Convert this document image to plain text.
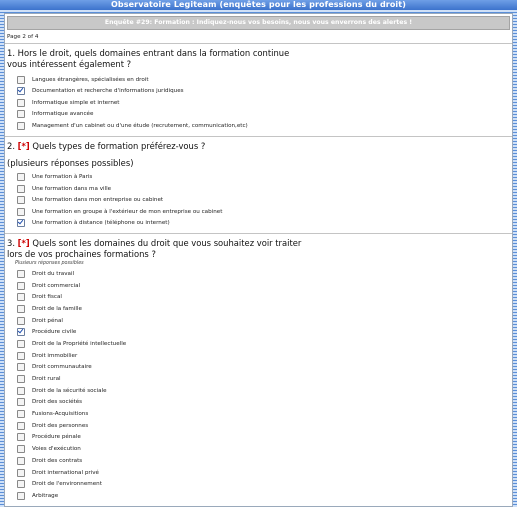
Observatoire Legiteam (enquêtes pour les professions du droit)
Enquête #29: Formation : Indiquez-nous vos besoins, nous vous enverrons des alertes !
Page 2 of 4
1. Hors le droit, quels domaines entrant dans la formation continue
vous intéressent également ?
Langues étrangères, spécialisées en droit
Documentation et recherche d'informations juridiques
Informatique simple et internet
Informatique avancée
Management d'un cabinet ou d'une étude (recrutement, communication,etc)
2. [*] Quels types de formation préférez-vous ?
(plusieurs réponses possibles)
Une formation à Paris
Une formation dans ma ville
Une formation dans mon entreprise ou cabinet
Une formation en groupe à l'extérieur de mon entreprise ou cabinet
Une formation à distance (téléphone ou internet)
3. [*] Quels sont les domaines du droit que vous souhaitez voir traiter
lors de vos prochaines formations ?
Plusieurs réponses possibles
Droit du travail
Droit commercial
Droit fiscal
Droit de la famille
Droit pénal
Procédure civile
Droit de la Propriété intellectuelle
Droit immobilier
Droit communautaire
Droit rural
Droit de la sécurité sociale
Droit des sociétés
Fusions-Acquisitions
Droit des personnes
Procédure pénale
Voies d'exécution
Droit des contrats
Droit international privé
Droit de l'environnement
Arbitrage
